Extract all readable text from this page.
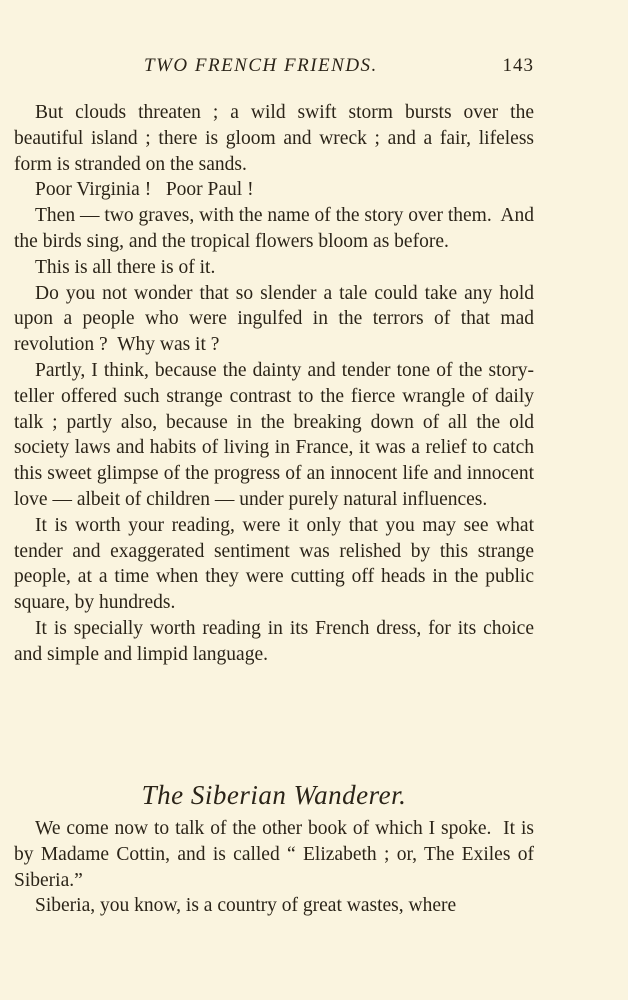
TWO FRENCH FRIENDS.	143

But clouds threaten ; a wild swift storm bursts over the beautiful island ; there is gloom and wreck ; and a fair, lifeless form is stranded on the sands.

Poor Virginia !   Poor Paul !

Then — two graves, with the name of the story over them.  And the birds sing, and the tropical flowers bloom as before.

This is all there is of it.

Do you not wonder that so slender a tale could take any hold upon a people who were ingulfed in the terrors of that mad revolution ?  Why was it ?

Partly, I think, because the dainty and tender tone of the story-teller offered such strange contrast to the fierce wrangle of daily talk ; partly also, because in the breaking down of all the old society laws and habits of living in France, it was a relief to catch this sweet glimpse of the progress of an innocent life and innocent love — albeit of children — under purely natural influences.

It is worth your reading, were it only that you may see what tender and exaggerated sentiment was relished by this strange people, at a time when they were cutting off heads in the public square, by hundreds.

It is specially worth reading in its French dress, for its choice and simple and limpid language.

The Siberian Wanderer.

We come now to talk of the other book of which I spoke.  It is by Madame Cottin, and is called “ Elizabeth ; or, The Exiles of Siberia.”

Siberia, you know, is a country of great wastes, where
